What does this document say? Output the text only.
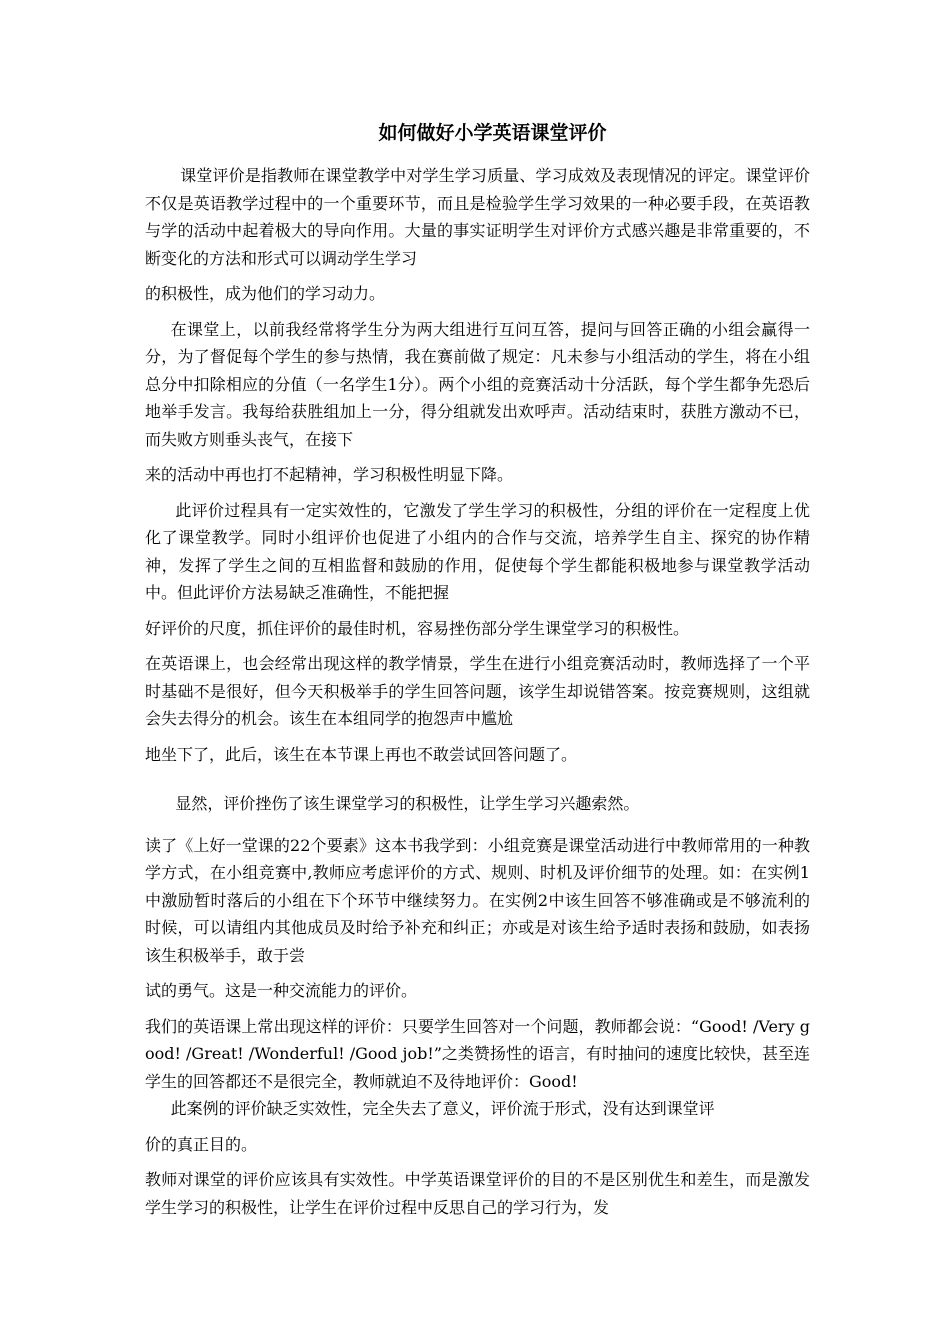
如何做好小学英语课堂评价

课堂评价是指教师在课堂教学中对学生学习质量、学习成效及表现情况的评定。课堂评价不仅是英语教学过程中的一个重要环节，而且是检验学生学习效果的一种必要手段，在英语教与学的活动中起着极大的导向作用。大量的事实证明学生对评价方式感兴趣是非常重要的，不断变化的方法和形式可以调动学生学习
的积极性，成为他们的学习动力。

在课堂上，以前我经常将学生分为两大组进行互问互答，提问与回答正确的小组会赢得一分，为了督促每个学生的参与热情，我在赛前做了规定：凡未参与小组活动的学生，将在小组总分中扣除相应的分值（一名学生1分）。两个小组的竞赛活动十分活跃，每个学生都争先恐后地举手发言。我每给获胜组加上一分，得分组就发出欢呼声。活动结束时，获胜方激动不已，而失败方则垂头丧气，在接下
来的活动中再也打不起精神，学习积极性明显下降。

此评价过程具有一定实效性的，它激发了学生学习的积极性，分组的评价在一定程度上优化了课堂教学。同时小组评价也促进了小组内的合作与交流，培养学生自主、探究的协作精神，发挥了学生之间的互相监督和鼓励的作用，促使每个学生都能积极地参与课堂教学活动中。但此评价方法易缺乏准确性，不能把握
好评价的尺度，抓住评价的最佳时机，容易挫伤部分学生课堂学习的积极性。

在英语课上，也会经常出现这样的教学情景，学生在进行小组竞赛活动时，教师选择了一个平时基础不是很好，但今天积极举手的学生回答问题，该学生却说错答案。按竞赛规则，这组就会失去得分的机会。该生在本组同学的抱怨声中尴尬
地坐下了，此后，该生在本节课上再也不敢尝试回答问题了。

显然，评价挫伤了该生课堂学习的积极性，让学生学习兴趣索然。

读了《上好一堂课的22个要素》这本书我学到：小组竞赛是课堂活动进行中教师常用的一种教学方式，在小组竞赛中,教师应考虑评价的方式、规则、时机及评价细节的处理。如：在实例1中激励暂时落后的小组在下个环节中继续努力。在实例2中该生回答不够准确或是不够流利的时候，可以请组内其他成员及时给予补充和纠正；亦或是对该生给予适时表扬和鼓励，如表扬该生积极举手，敢于尝
试的勇气。这是一种交流能力的评价。

我们的英语课上常出现这样的评价：只要学生回答对一个问题，教师都会说：“Good! /Very good! /Great! /Wonderful! /Good job!”之类赞扬性的语言，有时抽问的速度比较快，甚至连学生的回答都还不是很完全，教师就迫不及待地评价：Good!

此案例的评价缺乏实效性，完全失去了意义，评价流于形式，没有达到课堂评
价的真正目的。

教师对课堂的评价应该具有实效性。中学英语课堂评价的目的不是区别优生和差生，而是激发学生学习的积极性，让学生在评价过程中反思自己的学习行为，发
